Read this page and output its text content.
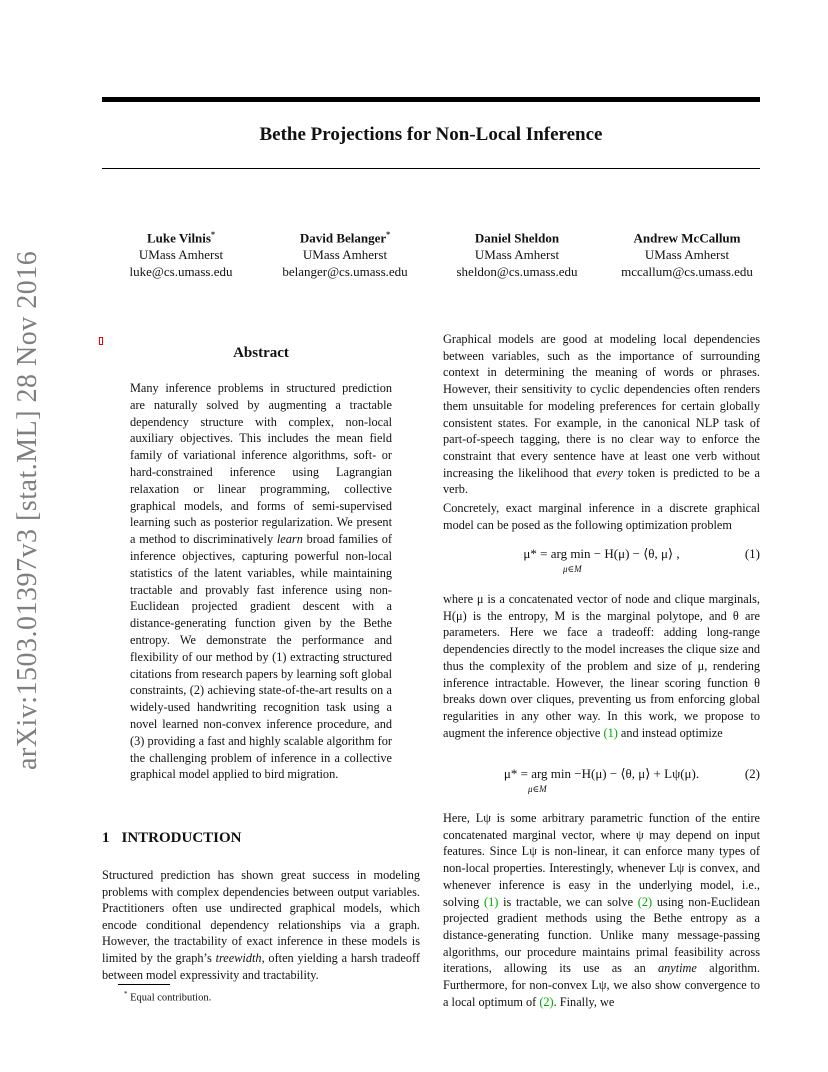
Bethe Projections for Non-Local Inference
Luke Vilnis*
UMass Amherst
luke@cs.umass.edu
David Belanger*
UMass Amherst
belanger@cs.umass.edu
Daniel Sheldon
UMass Amherst
sheldon@cs.umass.edu
Andrew McCallum
UMass Amherst
mccallum@cs.umass.edu
arXiv:1503.01397v3 [stat.ML] 28 Nov 2016	Abstract

Many inference problems in structured prediction are naturally solved by augmenting a tractable dependency structure with complex, non-local auxiliary objectives. This includes the mean field family of variational inference algorithms, soft- or hard-constrained inference using Lagrangian relaxation or linear programming, collective graphical models, and forms of semi-supervised learning such as posterior regularization. We present a method to discriminatively learn broad families of inference objectives, capturing powerful non-local statistics of the latent variables, while maintaining tractable and provably fast inference using non-Euclidean projected gradient descent with a distance-generating function given by the Bethe entropy. We demonstrate the performance and flexibility of our method by (1) extracting structured citations from research papers by learning soft global constraints, (2) achieving state-of-the-art results on a widely-used handwriting recognition task using a novel learned non-convex inference procedure, and (3) providing a fast and highly scalable algorithm for the challenging problem of inference in a collective graphical model applied to bird migration.

1 INTRODUCTION

Structured prediction has shown great success in modeling problems with complex dependencies between output variables. Practitioners often use undirected graphical models, which encode conditional dependency relationships via a graph. However, the tractability of exact inference in these models is limited by the graph’s treewidth, often yielding a harsh tradeoff between model expressivity and tractability.

* Equal contribution.

Graphical models are good at modeling local dependencies between variables, such as the importance of surrounding context in determining the meaning of words or phrases. However, their sensitivity to cyclic dependencies often renders them unsuitable for modeling preferences for certain globally consistent states. For example, in the canonical NLP task of part-of-speech tagging, there is no clear way to enforce the constraint that every sentence have at least one verb without increasing the likelihood that every token is predicted to be a verb.

Concretely, exact marginal inference in a discrete graphical model can be posed as the following optimization problem

μ* = arg min − H(μ) − ⟨θ, μ⟩ ,
μ∈M
(1)

where μ is a concatenated vector of node and clique marginals, H(μ) is the entropy, M is the marginal polytope, and θ are parameters. Here we face a tradeoff: adding long-range dependencies directly to the model increases the clique size and thus the complexity of the problem and size of μ, rendering inference intractable. However, the linear scoring function θ breaks down over cliques, preventing us from enforcing global regularities in any other way. In this work, we propose to augment the inference objective (1) and instead optimize

μ* = arg min −H(μ) − ⟨θ, μ⟩ + Lψ(μ).
μ∈M
(2)

Here, Lψ is some arbitrary parametric function of the entire concatenated marginal vector, where ψ may depend on input features. Since Lψ is non-linear, it can enforce many types of non-local properties. Interestingly, whenever Lψ is convex, and whenever inference is easy in the underlying model, i.e., solving (1) is tractable, we can solve (2) using non-Euclidean projected gradient methods using the Bethe entropy as a distance-generating function. Unlike many message-passing algorithms, our procedure maintains primal feasibility across iterations, allowing its use as an anytime algorithm. Furthermore, for non-convex Lψ, we also show convergence to a local optimum of (2). Finally, we
